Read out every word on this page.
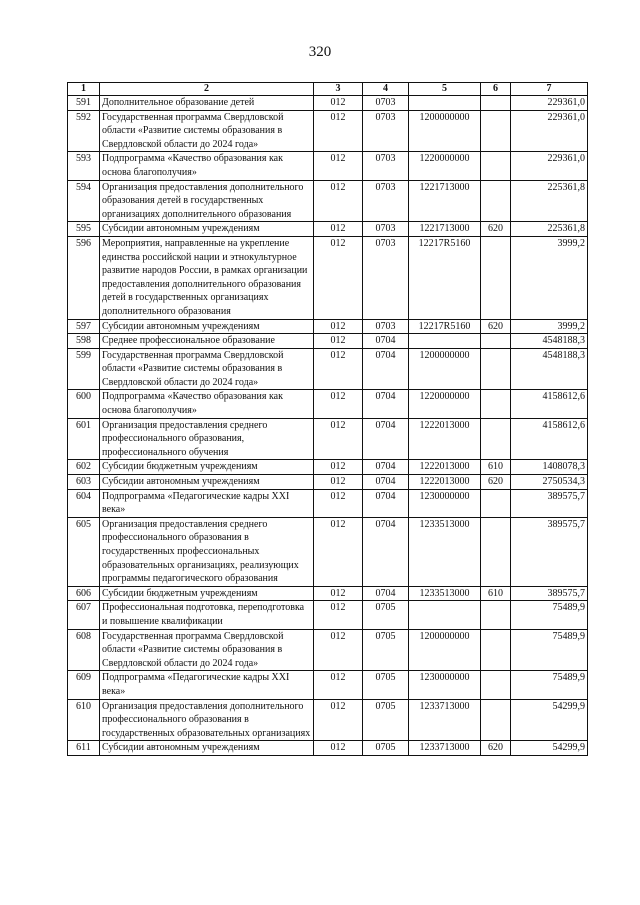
320
1	2	3	4	5	6	7
591	Дополнительное образование детей	012	0703			229361,0
592	Государственная программа Свердловской области «Развитие системы образования в Свердловской области до 2024 года»	012	0703	1200000000		229361,0
593	Подпрограмма «Качество образования как основа благополучия»	012	0703	1220000000		229361,0
594	Организация предоставления дополнительного образования детей в государственных организациях дополнительного образования	012	0703	1221713000		225361,8
595	Субсидии автономным учреждениям	012	0703	1221713000	620	225361,8
596	Мероприятия, направленные на укрепление единства российской нации и этнокультурное развитие народов России, в рамках организации предоставления дополнительного образования детей в государственных организациях дополнительного образования	012	0703	12217R5160		3999,2
597	Субсидии автономным учреждениям	012	0703	12217R5160	620	3999,2
598	Среднее профессиональное образование	012	0704			4548188,3
599	Государственная программа Свердловской области «Развитие системы образования в Свердловской области до 2024 года»	012	0704	1200000000		4548188,3
600	Подпрограмма «Качество образования как основа благополучия»	012	0704	1220000000		4158612,6
601	Организация предоставления среднего профессионального образования, профессионального обучения	012	0704	1222013000		4158612,6
602	Субсидии бюджетным учреждениям	012	0704	1222013000	610	1408078,3
603	Субсидии автономным учреждениям	012	0704	1222013000	620	2750534,3
604	Подпрограмма «Педагогические кадры XXI века»	012	0704	1230000000		389575,7
605	Организация предоставления среднего профессионального образования в государственных профессиональных образовательных организациях, реализующих программы педагогического образования	012	0704	1233513000		389575,7
606	Субсидии бюджетным учреждениям	012	0704	1233513000	610	389575,7
607	Профессиональная подготовка, переподготовка и повышение квалификации	012	0705			75489,9
608	Государственная программа Свердловской области «Развитие системы образования в Свердловской области до 2024 года»	012	0705	1200000000		75489,9
609	Подпрограмма «Педагогические кадры XXI века»	012	0705	1230000000		75489,9
610	Организация предоставления дополнительного профессионального образования в государственных образовательных организациях	012	0705	1233713000		54299,9
611	Субсидии автономным учреждениям	012	0705	1233713000	620	54299,9
